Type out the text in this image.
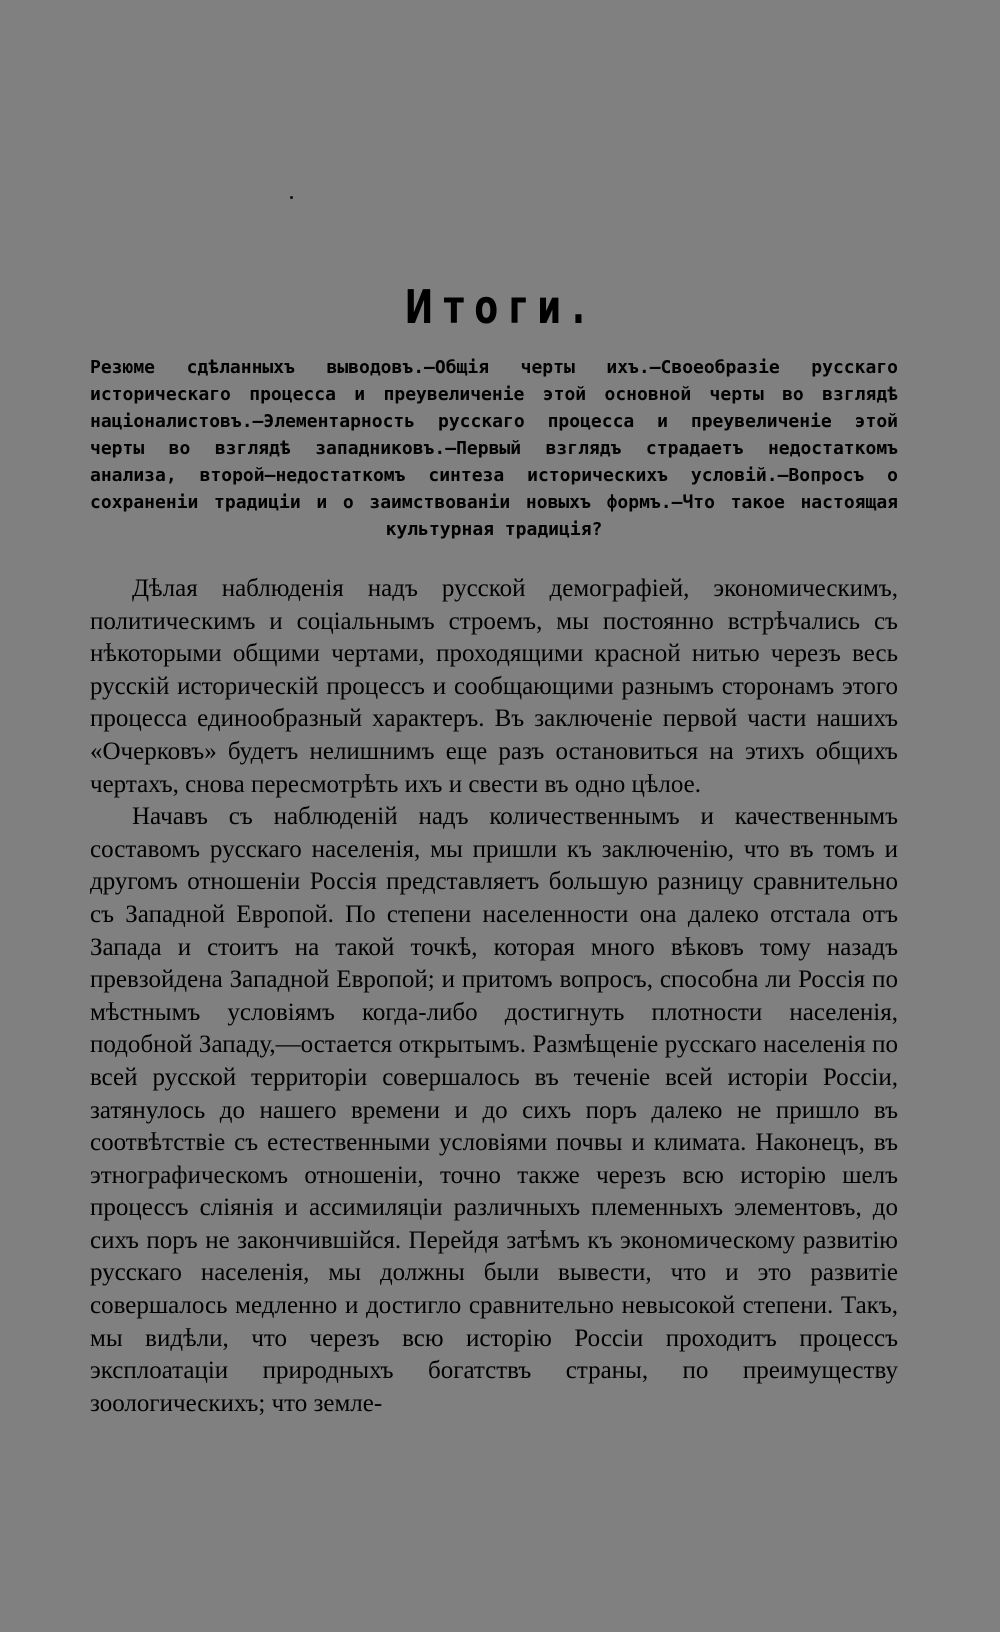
Итоги.
Резюме сдѣланныхъ выводовъ.—Общія черты ихъ.—Своеобразіе русскаго историческаго процесса и преувеличеніе этой основной черты во взглядѣ націоналистовъ.—Элементарность русскаго процесса и преувеличеніе этой черты во взглядѣ западниковъ.—Первый взглядъ страдаетъ недостаткомъ анализа, второй—недостаткомъ синтеза историческихъ условій.—Вопросъ о сохраненіи традиціи и о заимствованіи новыхъ формъ.—Что такое настоящая культурная традиція?

Дѣлая наблюденія надъ русской демографіей, экономическимъ, политическимъ и соціальнымъ строемъ, мы постоянно встрѣчались съ нѣкоторыми общими чертами, проходящими красной нитью черезъ весь русскій историческій процессъ и сообщающими разнымъ сторонамъ этого процесса единообразный характеръ. Въ заключеніе первой части нашихъ «Очерковъ» будетъ нелишнимъ еще разъ остановиться на этихъ общихъ чертахъ, снова пересмотрѣть ихъ и свести въ одно цѣлое.

Начавъ съ наблюденій надъ количественнымъ и качественнымъ составомъ русскаго населенія, мы пришли къ заключенію, что въ томъ и другомъ отношеніи Россія представляетъ большую разницу сравнительно съ Западной Европой. По степени населенности она далеко отстала отъ Запада и стоитъ на такой точкѣ, которая много вѣковъ тому назадъ превзойдена Западной Европой; и притомъ вопросъ, способна ли Россія по мѣстнымъ условіямъ когда-либо достигнуть плотности населенія, подобной Западу,—остается открытымъ. Размѣщеніе русскаго населенія по всей русской территоріи совершалось въ теченіе всей исторіи Россіи, затянулось до нашего времени и до сихъ поръ далеко не пришло въ соотвѣтствіе съ естественными условіями почвы и климата. Наконецъ, въ этнографическомъ отношеніи, точно также черезъ всю исторію шелъ процессъ сліянія и ассимиляціи различныхъ племенныхъ элементовъ, до сихъ поръ не закончившійся. Перейдя затѣмъ къ экономическому развитію русскаго населенія, мы должны были вывести, что и это развитіе совершалось медленно и достигло сравнительно невысокой степени. Такъ, мы видѣли, что черезъ всю исторію Россіи проходитъ процессъ эксплоатаціи природныхъ богатствъ страны, по преимуществу зоологическихъ; что земле-
